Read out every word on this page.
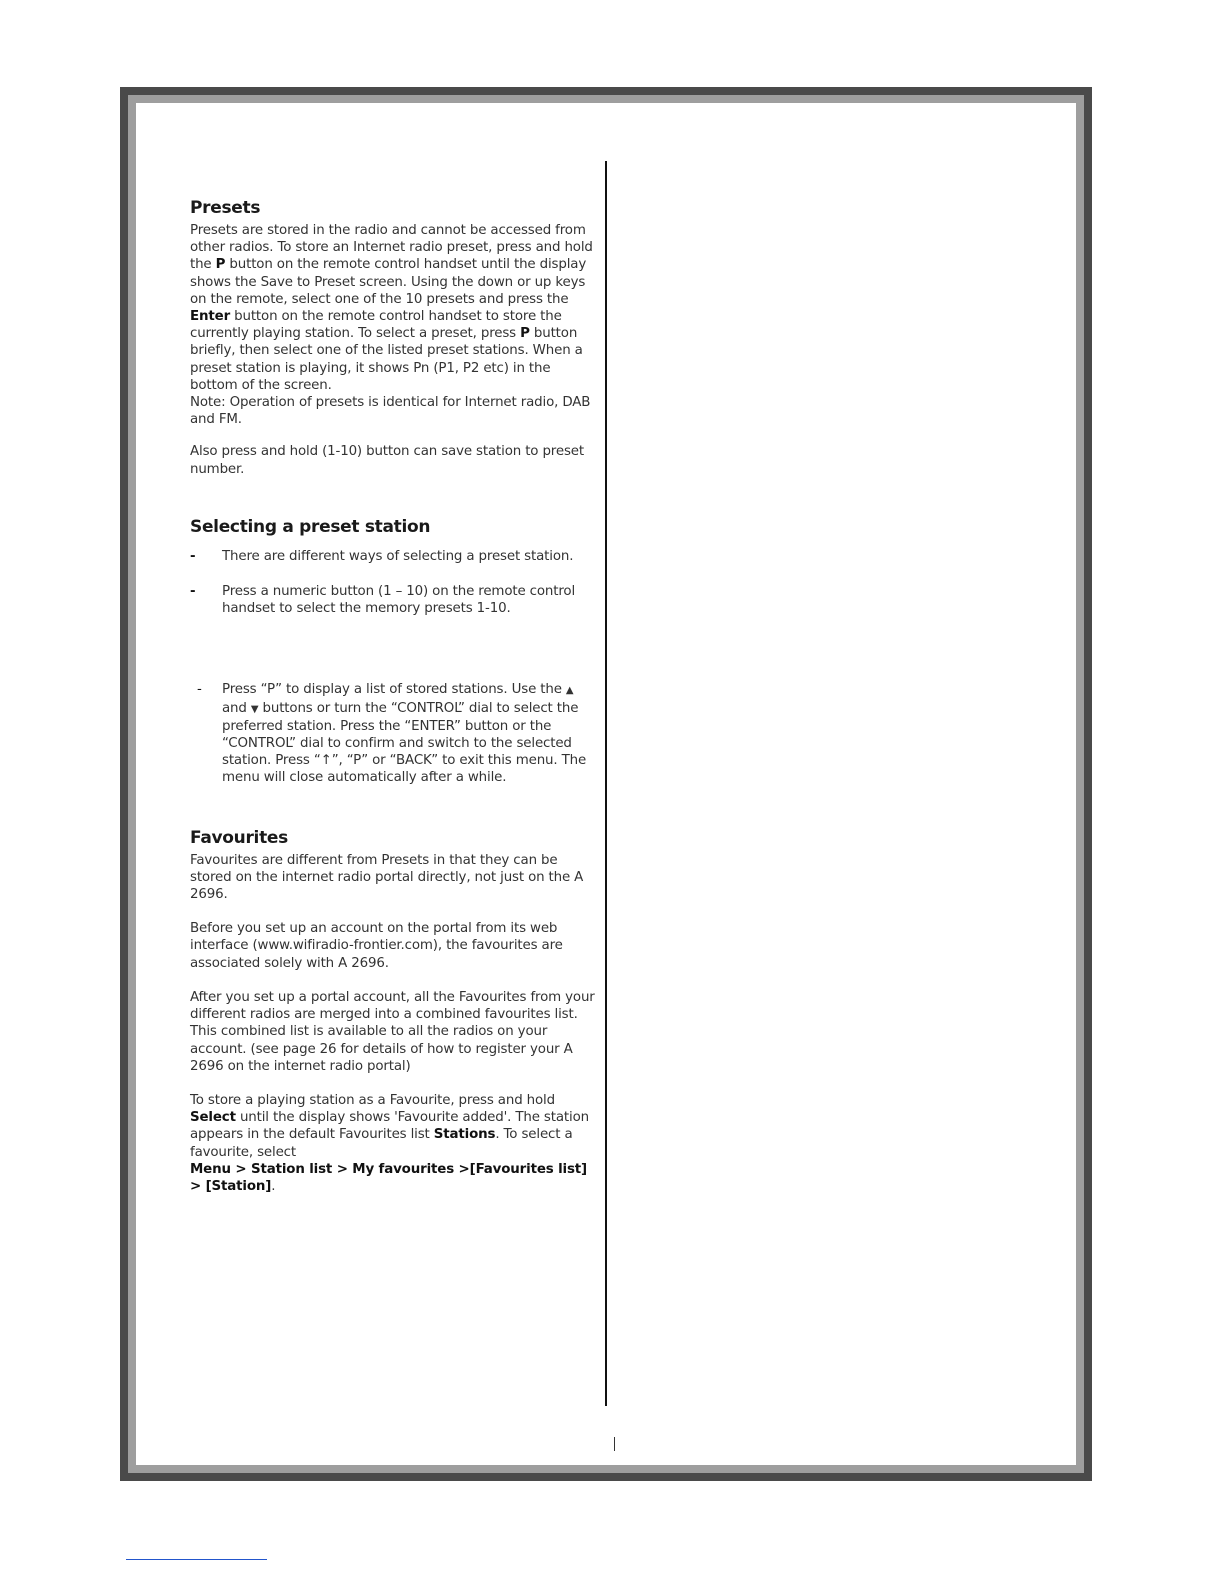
Presets

Presets are stored in the radio and cannot be accessed from other radios. To store an Internet radio preset, press and hold the P button on the remote control handset until the display shows the Save to Preset screen. Using the down or up keys on the remote, select one of the 10 presets and press the Enter button on the remote control handset to store the currently playing station. To select a preset, press P button briefly, then select one of the listed preset stations. When a preset station is playing, it shows Pn (P1, P2 etc) in the bottom of the screen.

Note: Operation of presets is identical for Internet radio, DAB and FM.

Also press and hold (1-10) button can save station to preset number.

Selecting a preset station
- There are different ways of selecting a preset station.
- Press a numeric button (1 – 10) on the remote control handset to select the memory presets 1-10.
- Press “P” to display a list of stored stations. Use the ▲ and ▼ buttons or turn the “CONTROL” dial to select the preferred station. Press the “ENTER” button or the “CONTROL” dial to confirm and switch to the selected station. Press “↑”, “P” or “BACK” to exit this menu. The menu will close automatically after a while.
Favourites

Favourites are different from Presets in that they can be stored on the internet radio portal directly, not just on the A 2696.

Before you set up an account on the portal from its web interface (www.wifiradio-frontier.com), the favourites are associated solely with A 2696.

After you set up a portal account, all the Favourites from your different radios are merged into a combined favourites list. This combined list is available to all the radios on your account. (see page 26 for details of how to register your A 2696 on the internet radio portal)

To store a playing station as a Favourite, press and hold Select until the display shows 'Favourite added'. The station appears in the default Favourites list Stations. To select a favourite, select
Menu > Station list > My favourites >[Favourites list] > [Station].
